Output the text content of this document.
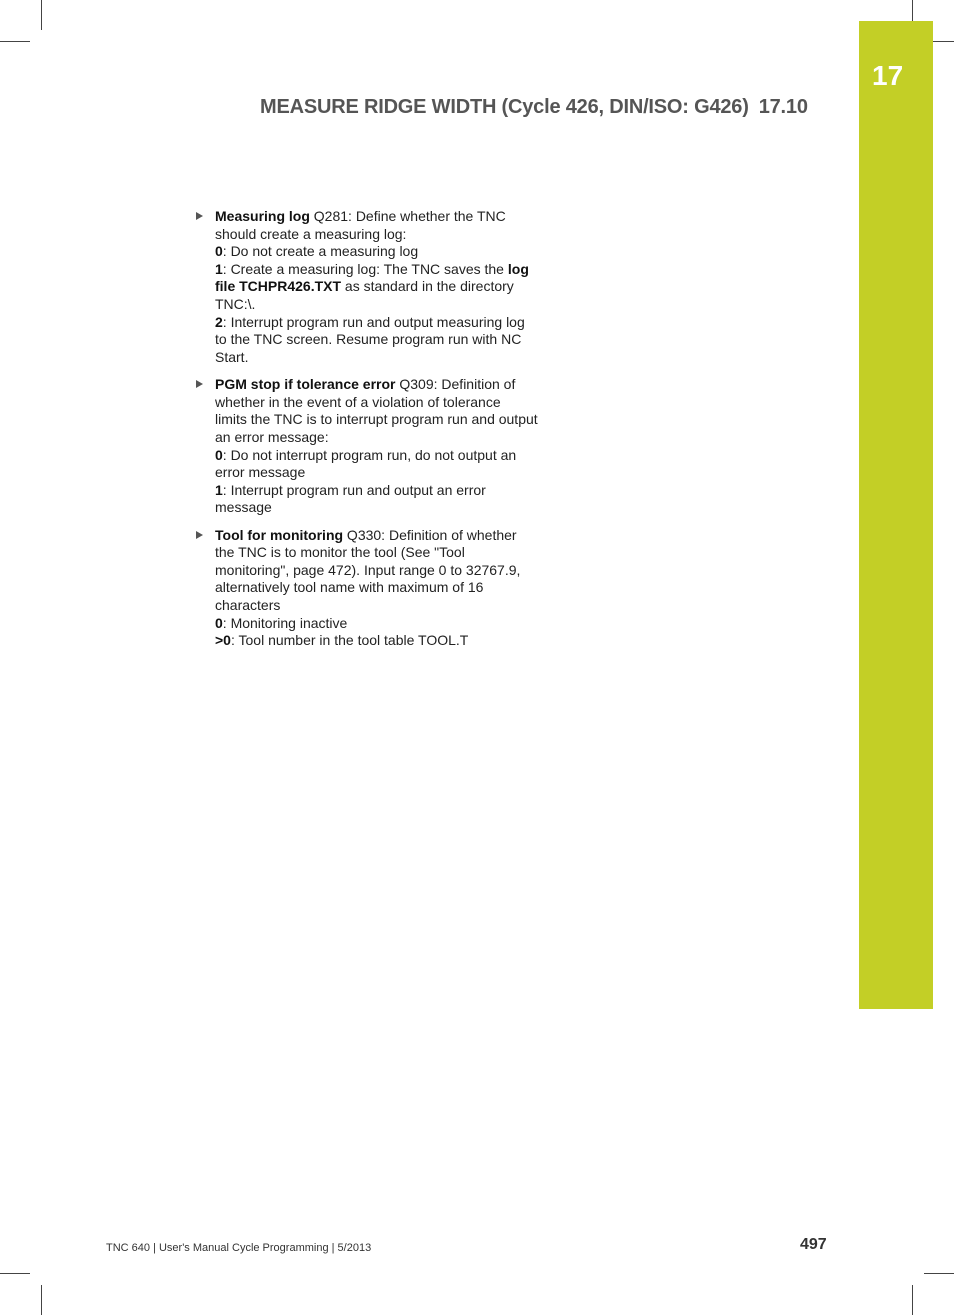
17
MEASURE RIDGE WIDTH (Cycle 426, DIN/ISO: G426) 17.10
Measuring log Q281: Define whether the TNC
should create a measuring log:
0: Do not create a measuring log
1: Create a measuring log: The TNC saves the log
file TCHPR426.TXT as standard in the directory
TNC:\.
2: Interrupt program run and output measuring log
to the TNC screen. Resume program run with NC
Start.
PGM stop if tolerance error Q309: Definition of
whether in the event of a violation of tolerance
limits the TNC is to interrupt program run and output
an error message:
0: Do not interrupt program run, do not output an
error message
1: Interrupt program run and output an error
message
Tool for monitoring Q330: Definition of whether
the TNC is to monitor the tool (See "Tool
monitoring", page 472). Input range 0 to 32767.9,
alternatively tool name with maximum of 16
characters
0: Monitoring inactive
>0: Tool number in the tool table TOOL.T
TNC 640 | User's Manual Cycle Programming | 5/2013	497
